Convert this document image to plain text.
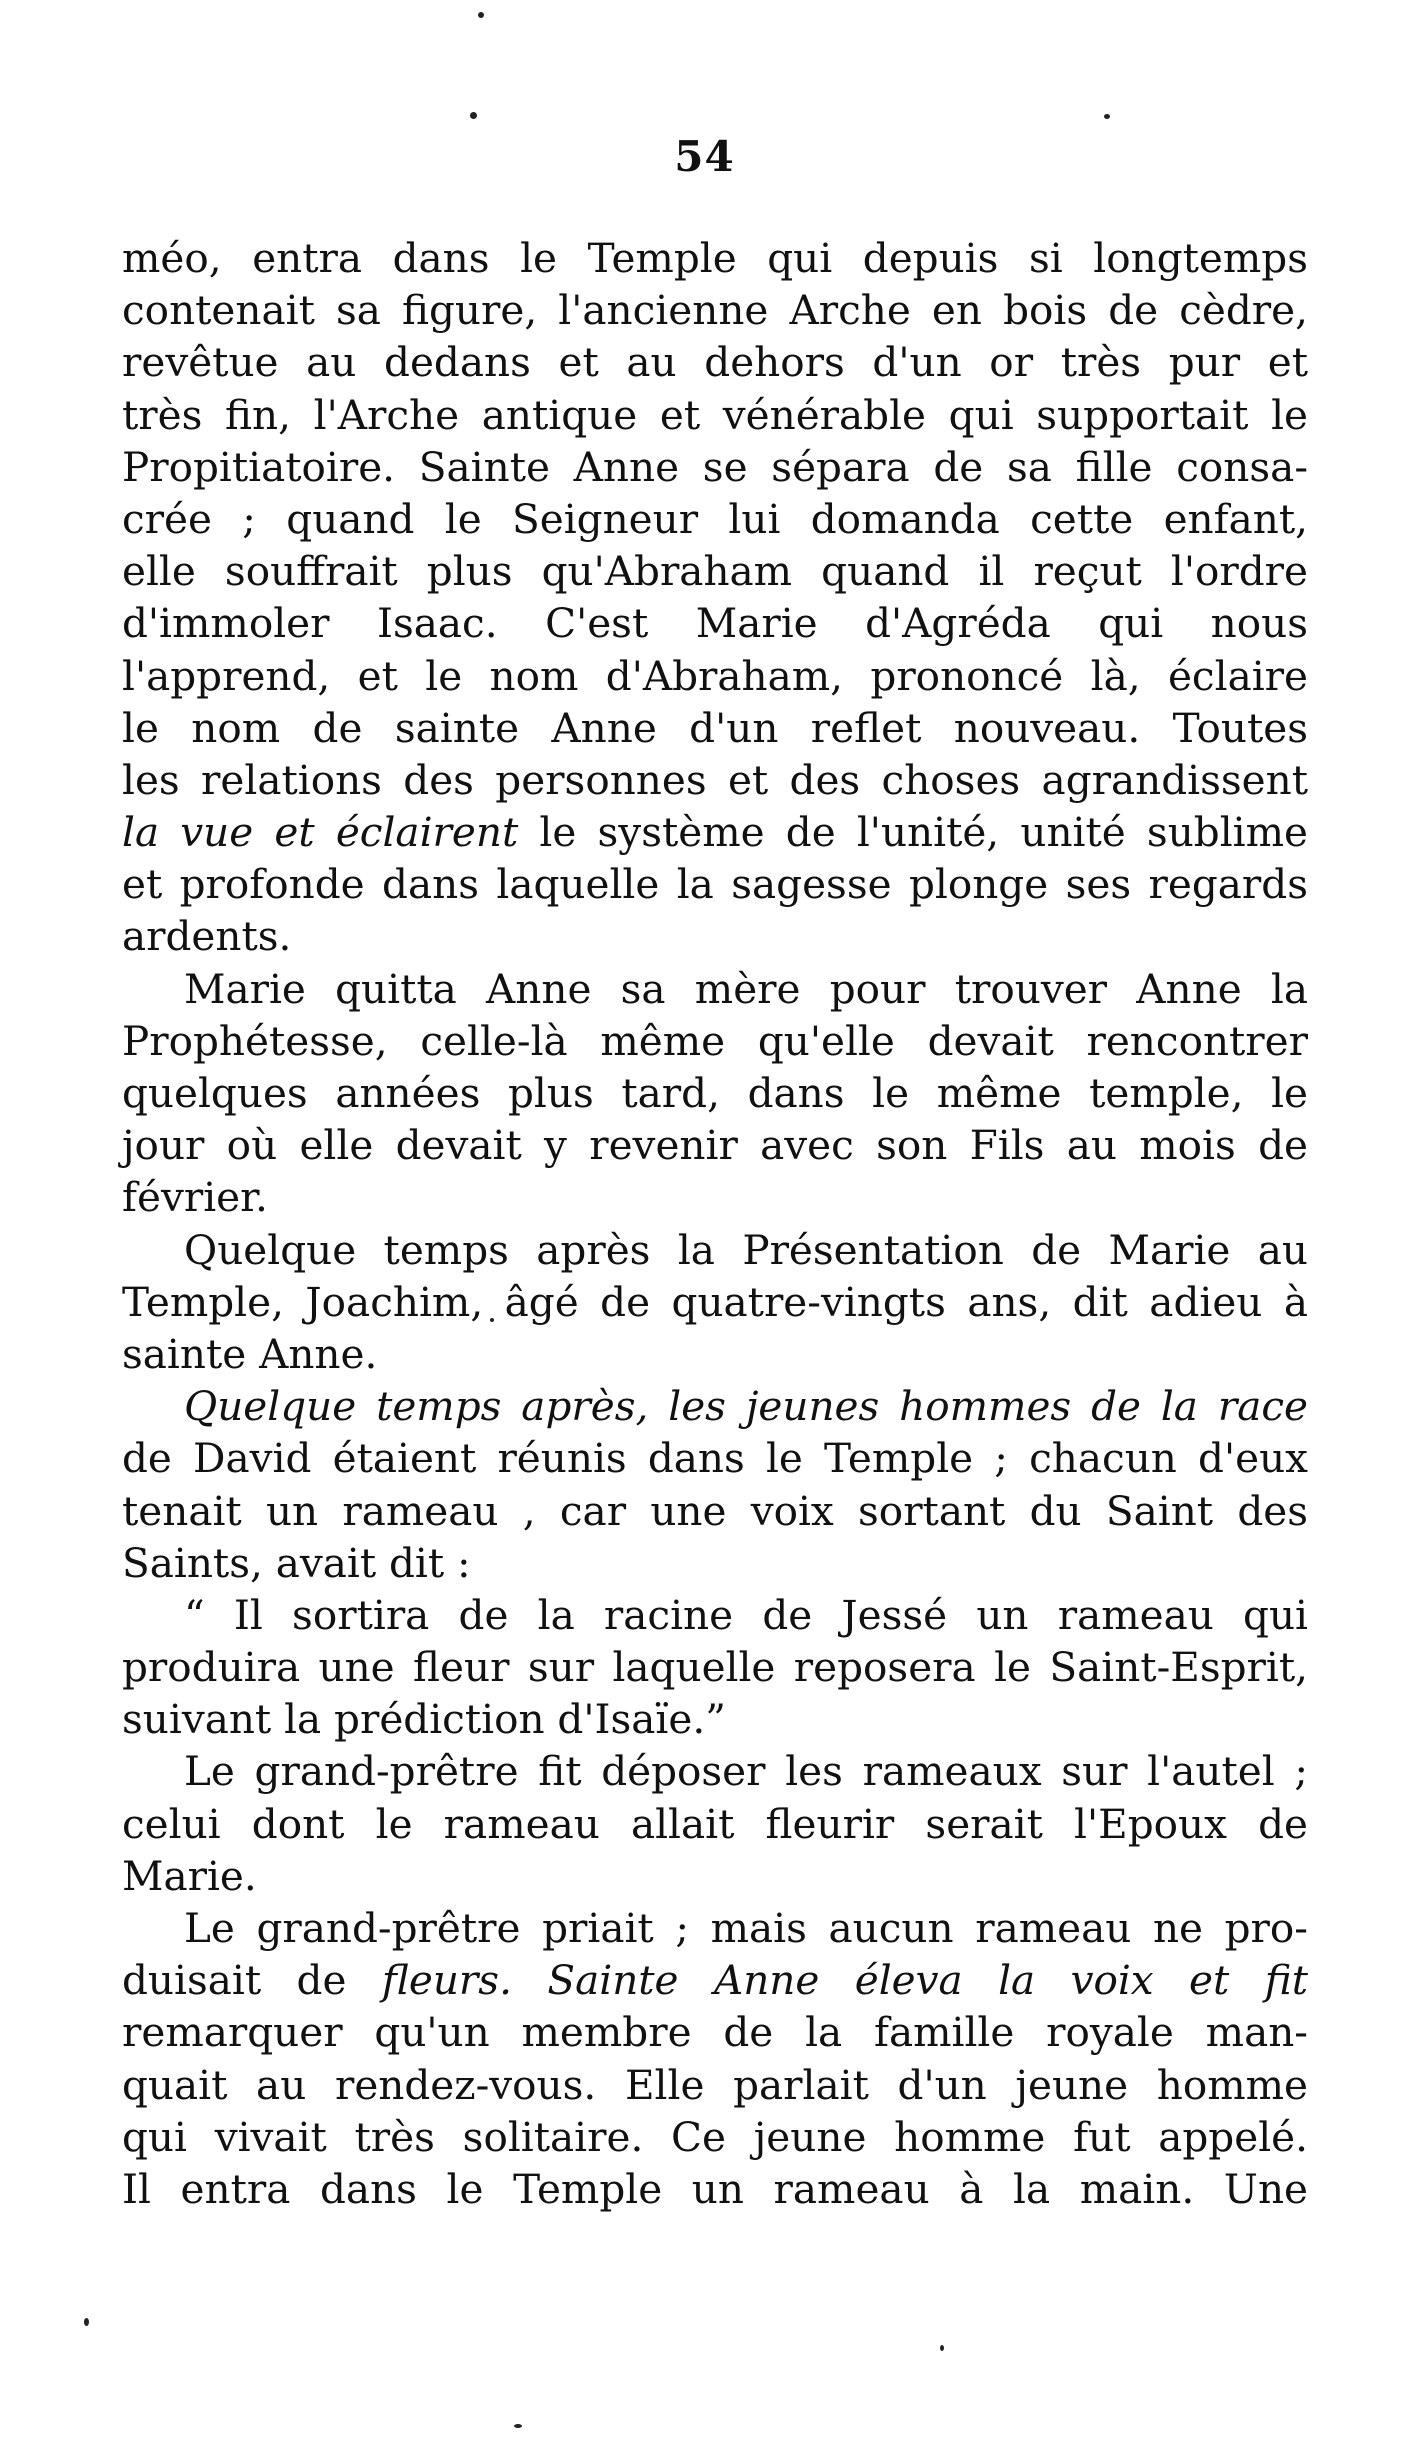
54
méo, entra dans le Temple qui depuis si longtemps
contenait sa figure, l'ancienne Arche en bois de cèdre,
revêtue au dedans et au dehors d'un or très pur et
très fin, l'Arche antique et vénérable qui supportait le
Propitiatoire. Sainte Anne se sépara de sa fille consa-
crée ; quand le Seigneur lui domanda cette enfant,
elle souffrait plus qu'Abraham quand il reçut l'ordre
d'immoler Isaac. C'est Marie d'Agréda qui nous
l'apprend, et le nom d'Abraham, prononcé là, éclaire
le nom de sainte Anne d'un reflet nouveau. Toutes
les relations des personnes et des choses agrandissent
la vue et éclairent le système de l'unité, unité sublime
et profonde dans laquelle la sagesse plonge ses regards
ardents.
Marie quitta Anne sa mère pour trouver Anne la
Prophétesse, celle-là même qu'elle devait rencontrer
quelques années plus tard, dans le même temple, le
jour où elle devait y revenir avec son Fils au mois de
février.
Quelque temps après la Présentation de Marie au
Temple, Joachim, âgé de quatre-vingts ans, dit adieu à
sainte Anne.
Quelque temps après, les jeunes hommes de la race
de David étaient réunis dans le Temple ; chacun d'eux
tenait un rameau , car une voix sortant du Saint des
Saints, avait dit :
“ Il sortira de la racine de Jessé un rameau qui
produira une fleur sur laquelle reposera le Saint-Esprit,
suivant la prédiction d'Isaïe.”
Le grand-prêtre fit déposer les rameaux sur l'autel ;
celui dont le rameau allait fleurir serait l'Epoux de
Marie.
Le grand-prêtre priait ; mais aucun rameau ne pro-
duisait de fleurs. Sainte Anne éleva la voix et fit
remarquer qu'un membre de la famille royale man-
quait au rendez-vous. Elle parlait d'un jeune homme
qui vivait très solitaire. Ce jeune homme fut appelé.
Il entra dans le Temple un rameau à la main. Une
